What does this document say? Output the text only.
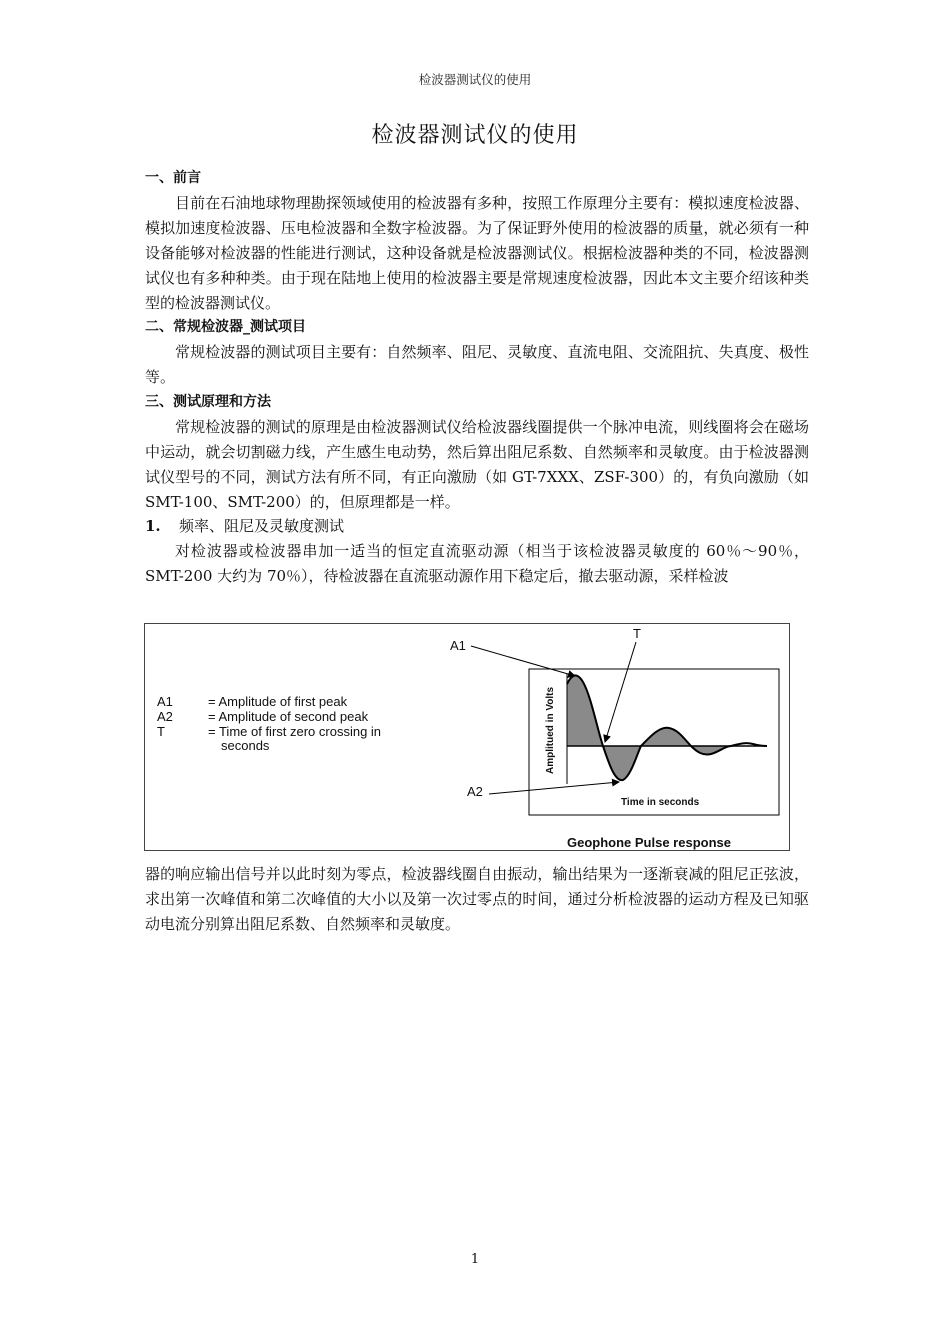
检波器测试仪的使用
检波器测试仪的使用
一、前言

目前在石油地球物理勘探领域使用的检波器有多种，按照工作原理分主要有：模拟速度检波器、模拟加速度检波器、压电检波器和全数字检波器。为了保证野外使用的检波器的质量，就必须有一种设备能够对检波器的性能进行测试，这种设备就是检波器测试仪。根据检波器种类的不同，检波器测试仪也有多种种类。由于现在陆地上使用的检波器主要是常规速度检波器，因此本文主要介绍该种类型的检波器测试仪。

二、常规检波器_测试项目

常规检波器的测试项目主要有：自然频率、阻尼、灵敏度、直流电阻、交流阻抗、失真度、极性等。

三、测试原理和方法

常规检波器的测试的原理是由检波器测试仪给检波器线圈提供一个脉冲电流，则线圈将会在磁场中运动，就会切割磁力线，产生感生电动势，然后算出阻尼系数、自然频率和灵敏度。由于检波器测试仪型号的不同，测试方法有所不同，有正向激励（如 GT-7XXX、ZSF-300）的，有负向激励（如 SMT-100、SMT-200）的，但原理都是一样。

1. 频率、阻尼及灵敏度测试

对检波器或检波器串加一适当的恒定直流驱动源（相当于该检波器灵敏度的 60％～90％，SMT-200 大约为 70％），待检波器在直流驱动源作用下稳定后，撤去驱动源，采样检波

A1	= Amplitude of first peak
A2	= Amplitude of second peak
T	= Time of first zero crossing in
seconds	Amplitued in Volts
Time in seconds
A1
T
A2
Geophone Pulse response

器的响应输出信号并以此时刻为零点，检波器线圈自由振动，输出结果为一逐渐衰减的阻尼正弦波，求出第一次峰值和第二次峰值的大小以及第一次过零点的时间，通过分析检波器的运动方程及已知驱动电流分别算出阻尼系数、自然频率和灵敏度。

1
